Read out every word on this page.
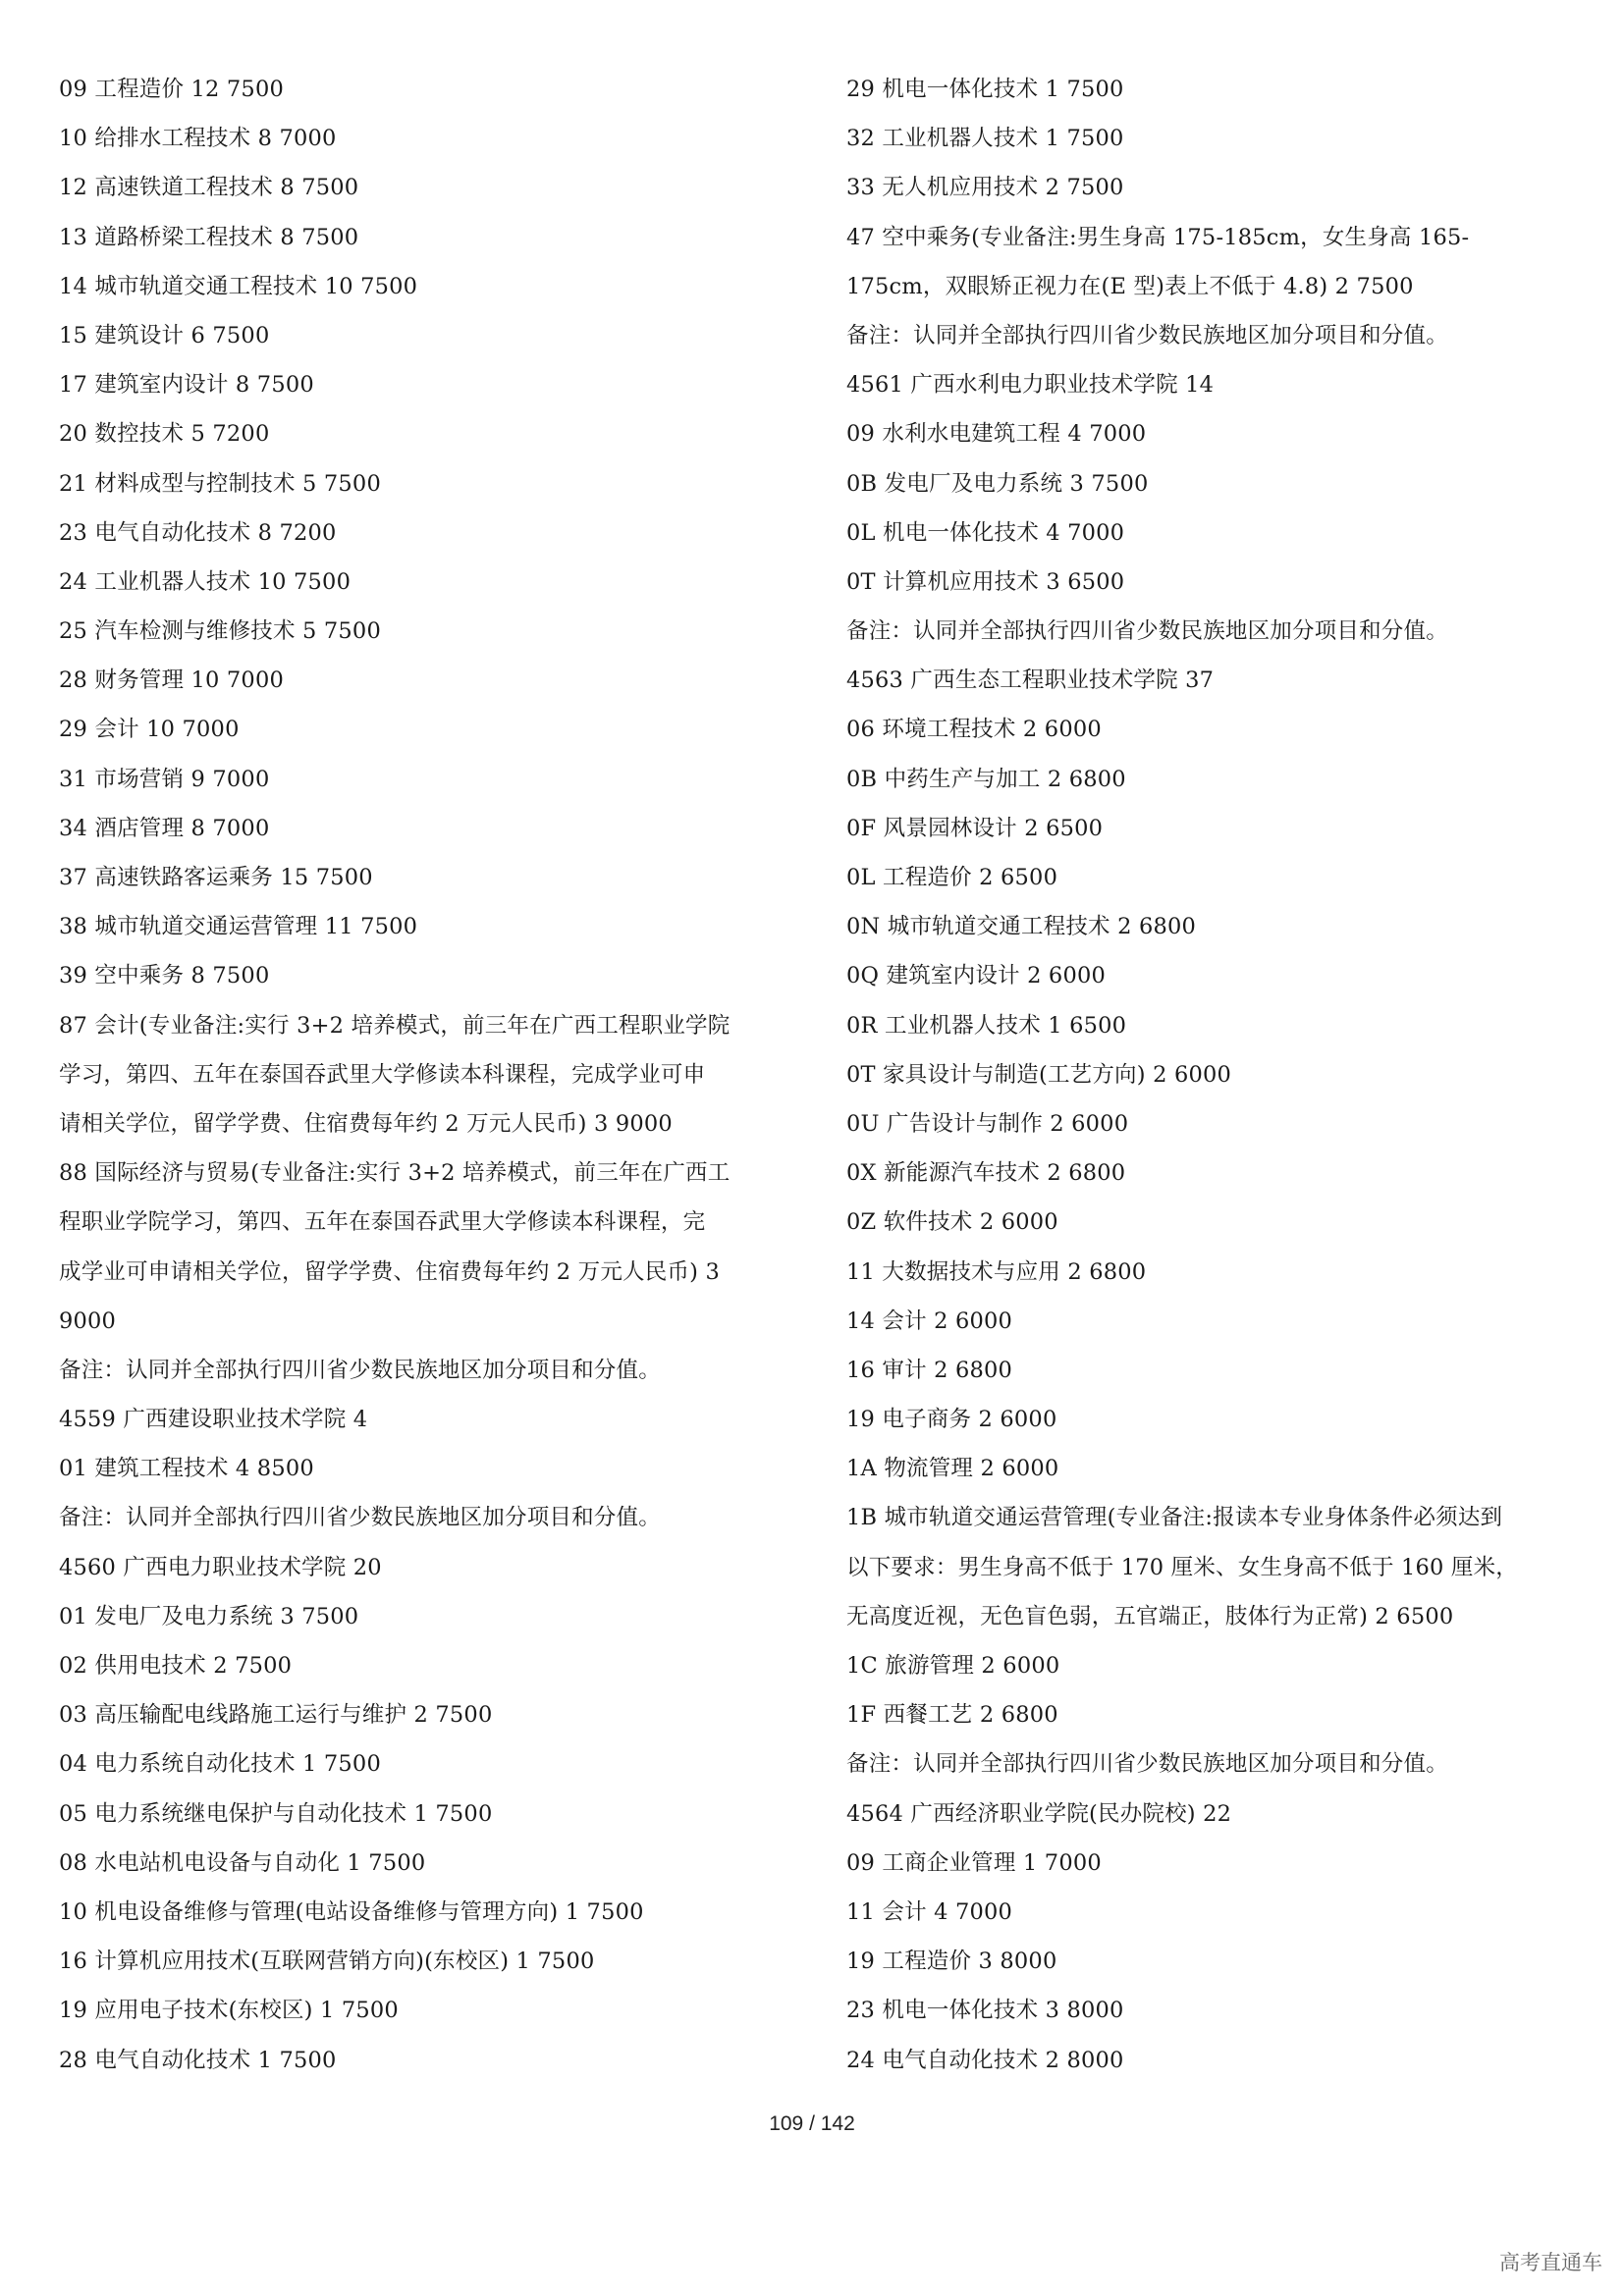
09 工程造价 12 7500
10 给排水工程技术 8 7000
12 高速铁道工程技术 8 7500
13 道路桥梁工程技术 8 7500
14 城市轨道交通工程技术 10 7500
15 建筑设计 6 7500
17 建筑室内设计 8 7500
20 数控技术 5 7200
21 材料成型与控制技术 5 7500
23 电气自动化技术 8 7200
24 工业机器人技术 10 7500
25 汽车检测与维修技术 5 7500
28 财务管理 10 7000
29 会计 10 7000
31 市场营销 9 7000
34 酒店管理 8 7000
37 高速铁路客运乘务 15 7500
38 城市轨道交通运营管理 11 7500
39 空中乘务 8 7500
87 会计(专业备注:实行 3+2 培养模式，前三年在广西工程职业学院
学习，第四、五年在泰国吞武里大学修读本科课程，完成学业可申
请相关学位，留学学费、住宿费每年约 2 万元人民币) 3 9000
88 国际经济与贸易(专业备注:实行 3+2 培养模式，前三年在广西工
程职业学院学习，第四、五年在泰国吞武里大学修读本科课程，完
成学业可申请相关学位，留学学费、住宿费每年约 2 万元人民币) 3
9000
备注：认同并全部执行四川省少数民族地区加分项目和分值。
4559 广西建设职业技术学院 4
01 建筑工程技术 4 8500
备注：认同并全部执行四川省少数民族地区加分项目和分值。
4560 广西电力职业技术学院 20
01 发电厂及电力系统 3 7500
02 供用电技术 2 7500
03 高压输配电线路施工运行与维护 2 7500
04 电力系统自动化技术 1 7500
05 电力系统继电保护与自动化技术 1 7500
08 水电站机电设备与自动化 1 7500
10 机电设备维修与管理(电站设备维修与管理方向) 1 7500
16 计算机应用技术(互联网营销方向)(东校区) 1 7500
19 应用电子技术(东校区) 1 7500
28 电气自动化技术 1 7500
29 机电一体化技术 1 7500
32 工业机器人技术 1 7500
33 无人机应用技术 2 7500
47 空中乘务(专业备注:男生身高 175-185cm，女生身高 165-
175cm，双眼矫正视力在(E 型)表上不低于 4.8) 2 7500
备注：认同并全部执行四川省少数民族地区加分项目和分值。
4561 广西水利电力职业技术学院 14
09 水利水电建筑工程 4 7000
0B 发电厂及电力系统 3 7500
0L 机电一体化技术 4 7000
0T 计算机应用技术 3 6500
备注：认同并全部执行四川省少数民族地区加分项目和分值。
4563 广西生态工程职业技术学院 37
06 环境工程技术 2 6000
0B 中药生产与加工 2 6800
0F 风景园林设计 2 6500
0L 工程造价 2 6500
0N 城市轨道交通工程技术 2 6800
0Q 建筑室内设计 2 6000
0R 工业机器人技术 1 6500
0T 家具设计与制造(工艺方向) 2 6000
0U 广告设计与制作 2 6000
0X 新能源汽车技术 2 6800
0Z 软件技术 2 6000
11 大数据技术与应用 2 6800
14 会计 2 6000
16 审计 2 6800
19 电子商务 2 6000
1A 物流管理 2 6000
1B 城市轨道交通运营管理(专业备注:报读本专业身体条件必须达到
以下要求：男生身高不低于 170 厘米、女生身高不低于 160 厘米，
无高度近视，无色盲色弱，五官端正，肢体行为正常) 2 6500
1C 旅游管理 2 6000
1F 西餐工艺 2 6800
备注：认同并全部执行四川省少数民族地区加分项目和分值。
4564 广西经济职业学院(民办院校) 22
09 工商企业管理 1 7000
11 会计 4 7000
19 工程造价 3 8000
23 机电一体化技术 3 8000
24 电气自动化技术 2 8000
109 / 142
高考直通车
